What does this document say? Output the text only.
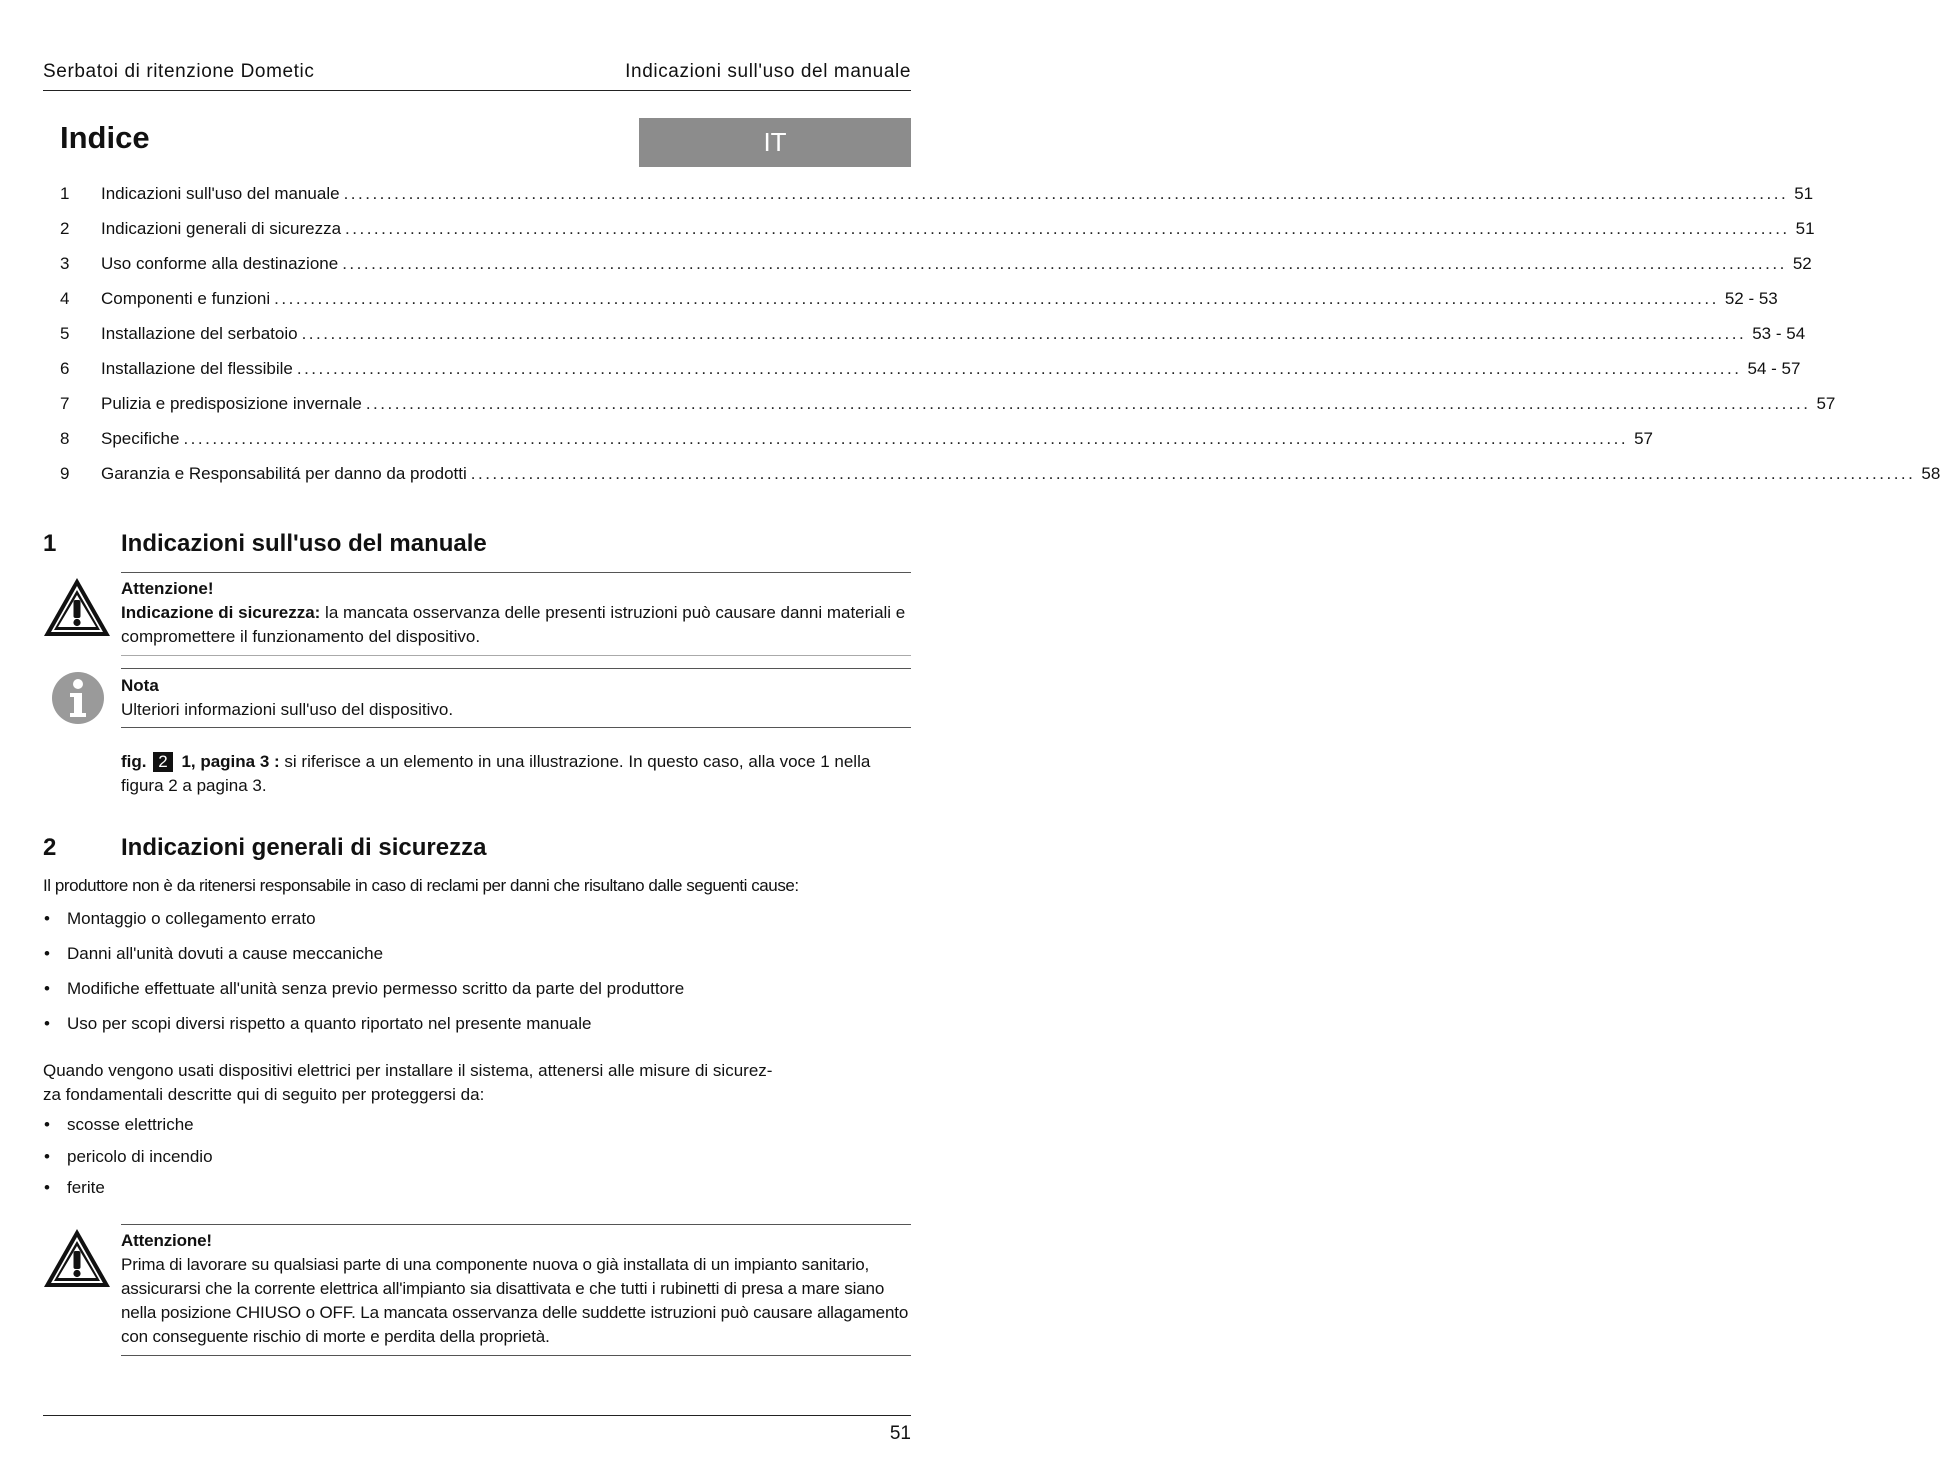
Serbatoi di ritenzione Dometic	Indicazioni sull'uso del manuale
Indice	IT
1	Indicazioni sull'uso del manuale ........................................................................................................................................................................................................ 51
2	Indicazioni generali di sicurezza ........................................................................................................................................................................................................ 51
3	Uso conforme alla destinazione ........................................................................................................................................................................................................ 52
4	Componenti e funzioni ........................................................................................................................................................................................................ 52 - 53
5	Installazione del serbatoio ........................................................................................................................................................................................................ 53 - 54
6	Installazione del flessibile ........................................................................................................................................................................................................ 54 - 57
7	Pulizia e predisposizione invernale ........................................................................................................................................................................................................ 57
8	Specifiche ........................................................................................................................................................................................................ 57
9	Garanzia e Responsabilitá per danno da prodotti ........................................................................................................................................................................................................ 58
1	Indicazioni sull'uso del manuale
Attenzione!
Indicazione di sicurezza: la mancata osservanza delle presenti istruzioni può causare danni materiali e compromettere il funzionamento del dispositivo.
Nota
Ulteriori informazioni sull'uso del dispositivo.
fig. 2 1, pagina 3 : si riferisce a un elemento in una illustrazione. In questo caso, alla voce 1 nella figura 2 a pagina 3.
2	Indicazioni generali di sicurezza
Il produttore non è da ritenersi responsabile in caso di reclami per danni che risultano dalle seguenti cause:
• Montaggio o collegamento errato
• Danni all'unità dovuti a cause meccaniche
• Modifiche effettuate all'unità senza previo permesso scritto da parte del produttore
• Uso per scopi diversi rispetto a quanto riportato nel presente manuale
Quando vengono usati dispositivi elettrici per installare il sistema, attenersi alle misure di sicurez-
za fondamentali descritte qui di seguito per proteggersi da:
• scosse elettriche
• pericolo di incendio
• ferite
Attenzione!
Prima di lavorare su qualsiasi parte di una componente nuova o già installata di un impianto sanitario, assicurarsi che la corrente elettrica all'impianto sia disattivata e che tutti i rubinetti di presa a mare siano nella posizione CHIUSO o OFF. La mancata osservanza delle suddette istruzioni può causare allagamento con conseguente rischio di morte e perdita della proprietà.
51
